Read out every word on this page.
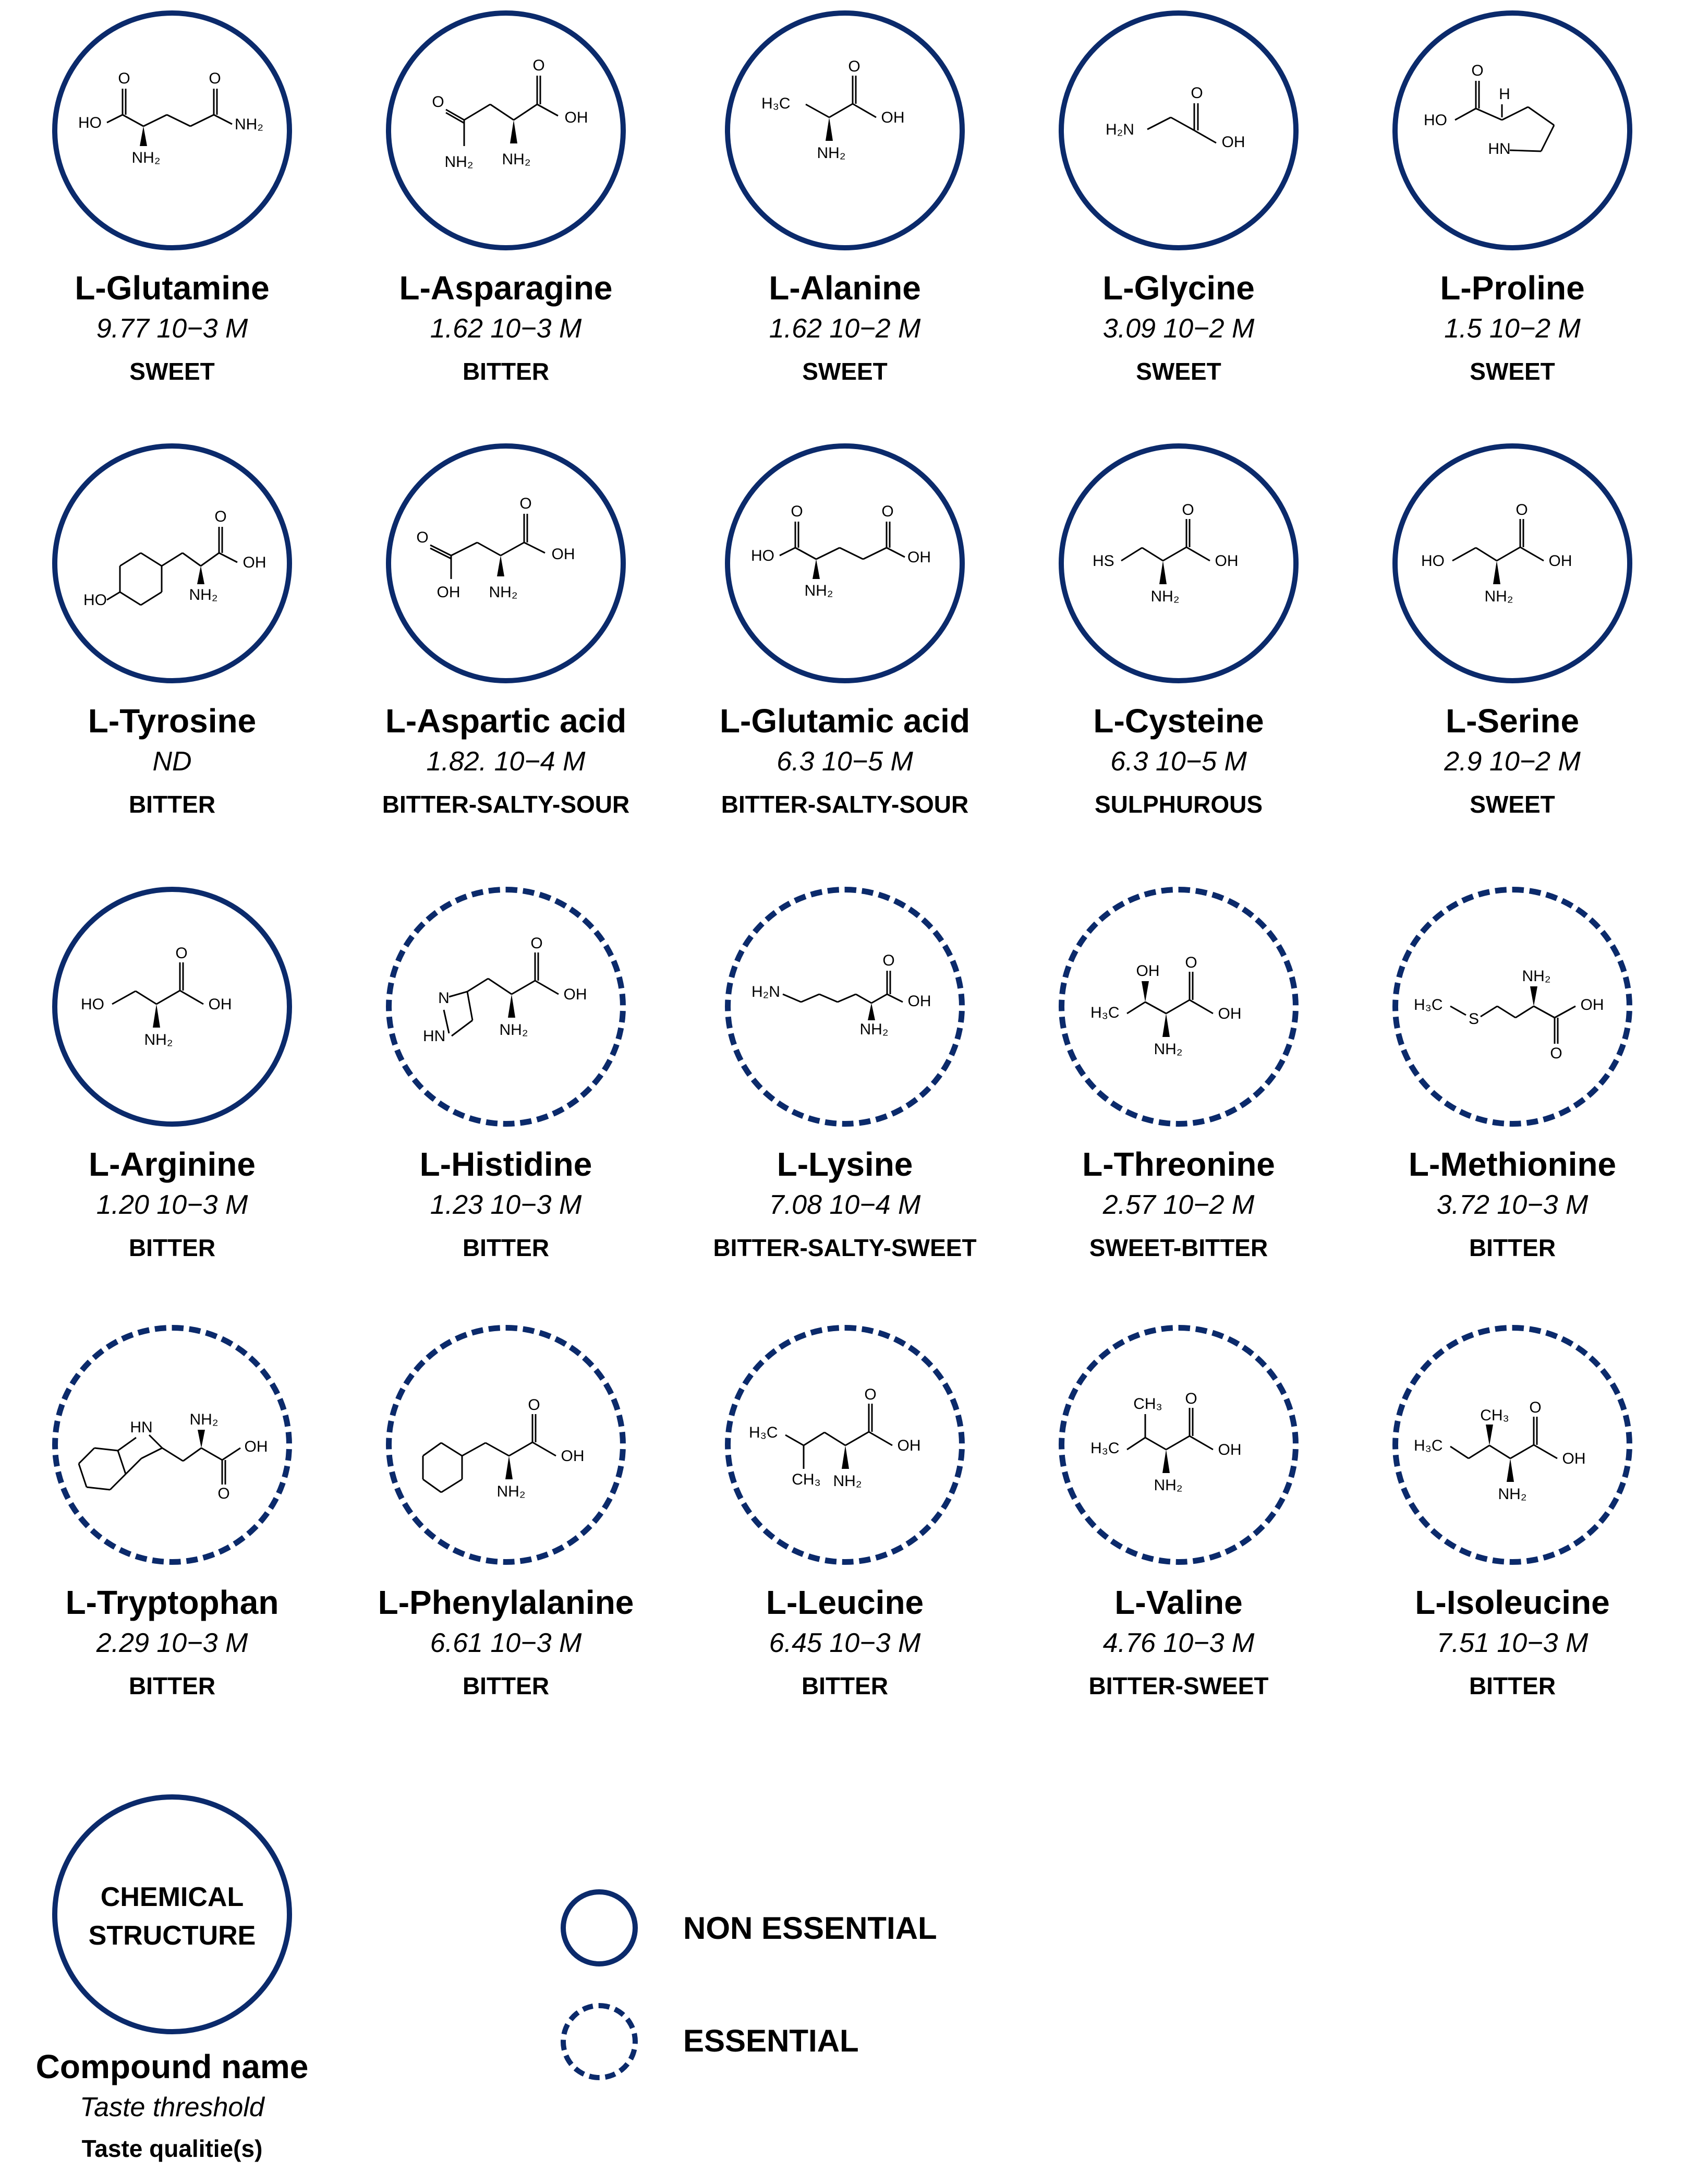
HO
O
NH₂
O
NH₂
L-Glutamine
9.77 10−3 M
SWEET
O
NH₂ NH₂
O
OH
L-Asparagine
1.62 10−3 M
BITTER
H₃C
O
OH
NH₂
L-Alanine
1.62 10−2 M
SWEET
H₂N
O
OH
L-Glycine
3.09 10−2 M
SWEET
HO
O
H
HN
L-Proline
1.5 10−2 M
SWEET
HO	NH₂
O
OH
L-Tyrosine
ND
BITTER
O
OH NH₂
O
OH
L-Aspartic acid
1.82. 10−4 M
BITTER-SALTY-SOUR
HO
O
NH₂
O
OH
L-Glutamic acid
6.3 10−5 M
BITTER-SALTY-SOUR
HS
O
OH
NH₂
L-Cysteine
6.3 10−5 M
SULPHUROUS
HO
O
OH
NH₂
L-Serine
2.9 10−2 M
SWEET
HO
O
OH
NH₂
L-Arginine
1.20 10−3 M
BITTER
HN
N
O
OH
NH₂
L-Histidine
1.23 10−3 M
BITTER
H₂N
NH₂
O
OH
L-Lysine
7.08 10−4 M
BITTER-SALTY-SWEET
H₃C
OH O
OH
NH₂
L-Threonine
2.57 10−2 M
SWEET-BITTER
H₃C
S
NH₂
OH
O
L-Methionine
3.72 10−3 M
BITTER
HN NH₂
OH
O
L-Tryptophan
2.29 10−3 M
BITTER
O
OH
NH₂
L-Phenylalanine
6.61 10−3 M
BITTER
H₃C
CH₃
O
OH
NH₂
L-Leucine
6.45 10−3 M
BITTER
H₃C
CH₃ O
OH
NH₂
L-Valine
4.76 10−3 M
BITTER-SWEET
H₃C
CH₃ O
OH
NH₂
L-Isoleucine
7.51 10−3 M
BITTER
CHEMICAL
STRUCTURE
Compound name
Taste threshold
Taste qualitie(s)
NON ESSENTIAL
ESSENTIAL
